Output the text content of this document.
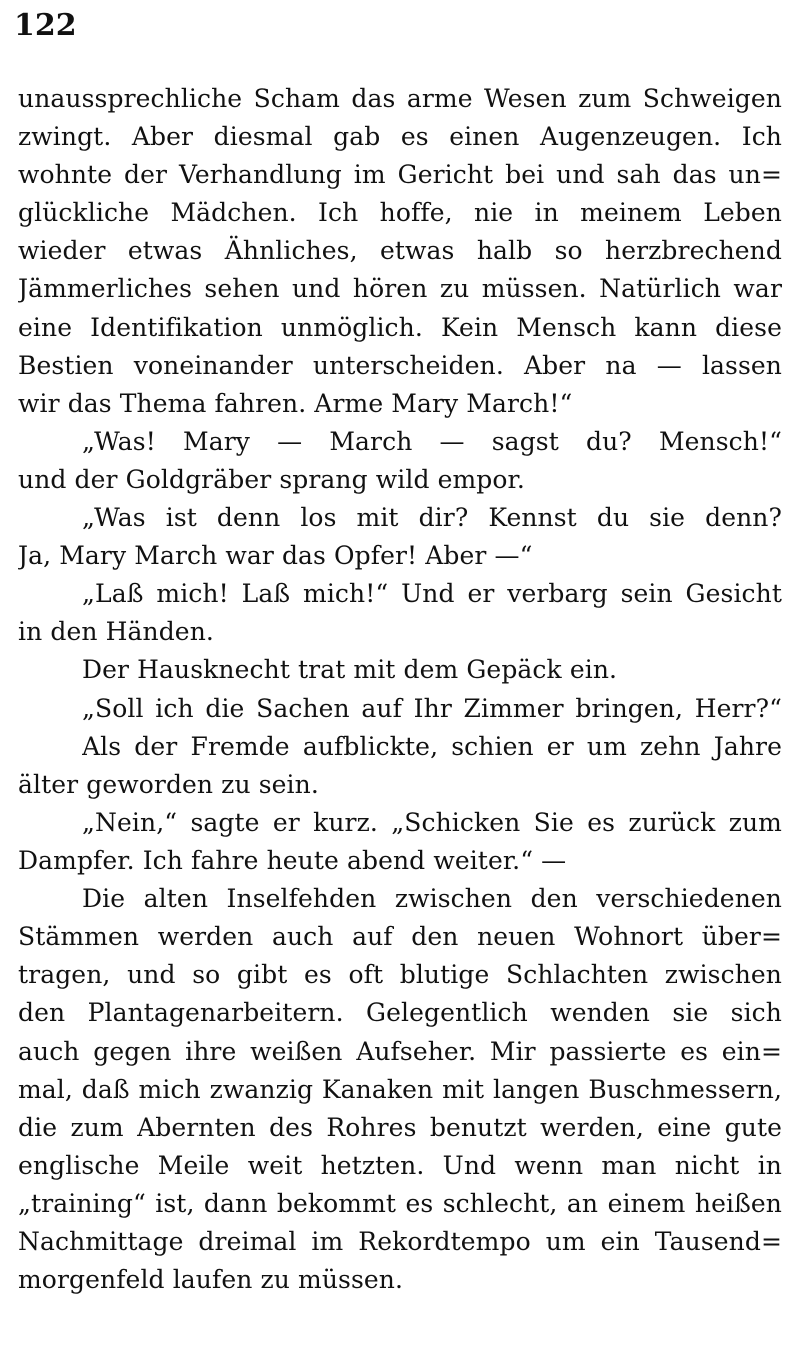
122
unaussprechliche Scham das arme Wesen zum Schweigen
zwingt. Aber diesmal gab es einen Augenzeugen. Ich
wohnte der Verhandlung im Gericht bei und sah das un=
glückliche Mädchen. Ich hoffe, nie in meinem Leben
wieder etwas Ähnliches, etwas halb so herzbrechend
Jämmerliches sehen und hören zu müssen. Natürlich war
eine Identifikation unmöglich. Kein Mensch kann diese
Bestien voneinander unterscheiden. Aber na — lassen
wir das Thema fahren. Arme Mary March!“
„Was! Mary — March — sagst du? Mensch!“
und der Goldgräber sprang wild empor.
„Was ist denn los mit dir? Kennst du sie denn?
Ja, Mary March war das Opfer! Aber —“
„Laß mich! Laß mich!“ Und er verbarg sein Gesicht
in den Händen.
Der Hausknecht trat mit dem Gepäck ein.
„Soll ich die Sachen auf Ihr Zimmer bringen, Herr?“
Als der Fremde aufblickte, schien er um zehn Jahre
älter geworden zu sein.
„Nein,“ sagte er kurz. „Schicken Sie es zurück zum
Dampfer. Ich fahre heute abend weiter.“ —
Die alten Inselfehden zwischen den verschiedenen
Stämmen werden auch auf den neuen Wohnort über=
tragen, und so gibt es oft blutige Schlachten zwischen
den Plantagenarbeitern. Gelegentlich wenden sie sich
auch gegen ihre weißen Aufseher. Mir passierte es ein=
mal, daß mich zwanzig Kanaken mit langen Buschmessern,
die zum Abernten des Rohres benutzt werden, eine gute
englische Meile weit hetzten. Und wenn man nicht in
„training“ ist, dann bekommt es schlecht, an einem heißen
Nachmittage dreimal im Rekordtempo um ein Tausend=
morgenfeld laufen zu müssen.
